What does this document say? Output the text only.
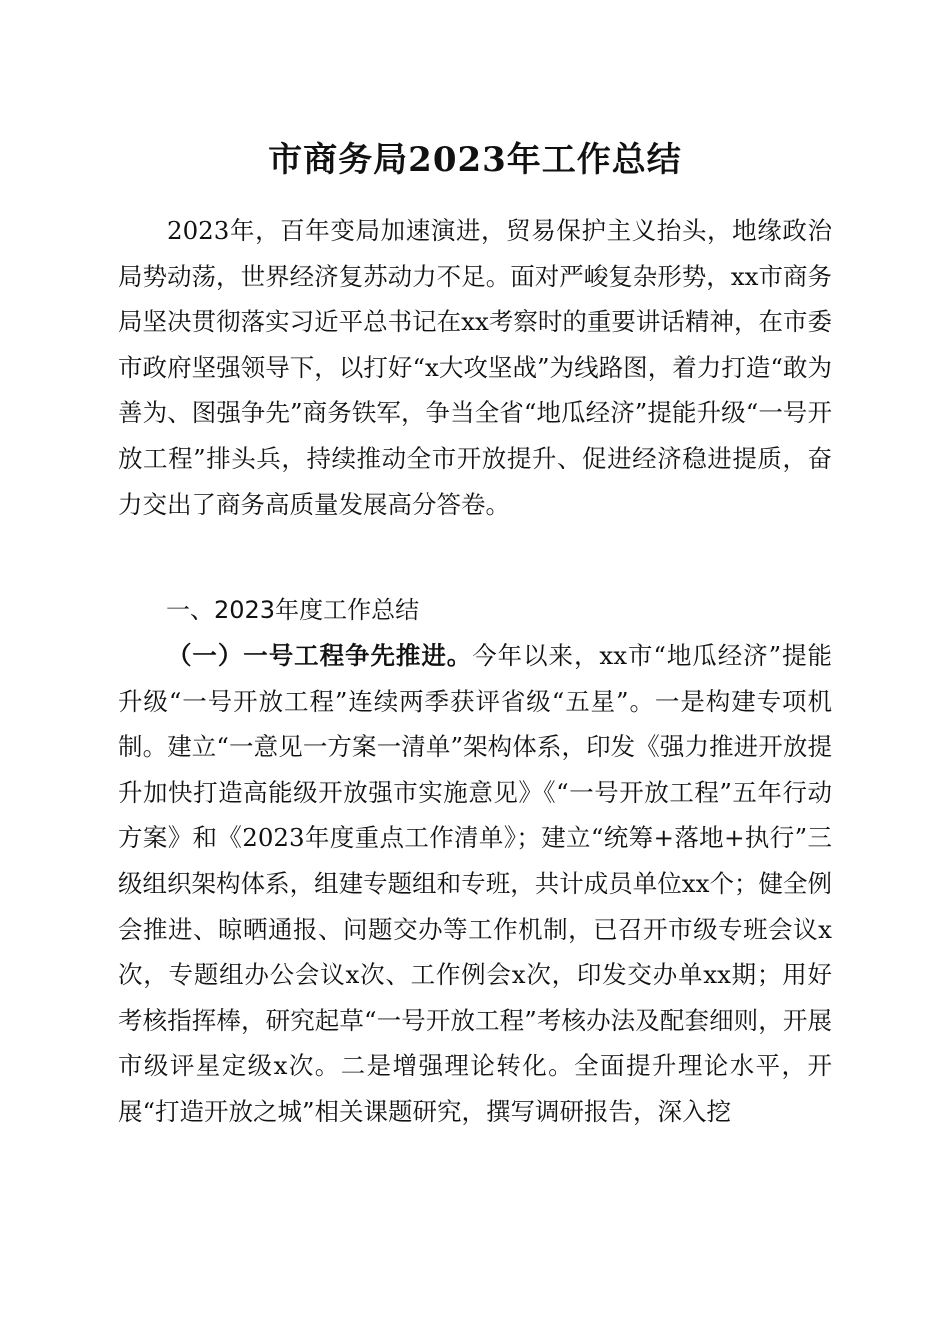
市商务局2023年工作总结

2023年，百年变局加速演进，贸易保护主义抬头，地缘政治局势动荡，世界经济复苏动力不足。面对严峻复杂形势，xx市商务局坚决贯彻落实习近平总书记在xx考察时的重要讲话精神，在市委市政府坚强领导下，以打好“x大攻坚战”为线路图，着力打造“敢为善为、图强争先”商务铁军，争当全省“地瓜经济”提能升级“一号开放工程”排头兵，持续推动全市开放提升、促进经济稳进提质，奋力交出了商务高质量发展高分答卷。

一、2023年度工作总结

（一）一号工程争先推进。今年以来，xx市“地瓜经济”提能升级“一号开放工程”连续两季获评省级“五星”。一是构建专项机制。建立“一意见一方案一清单”架构体系，印发《强力推进开放提升加快打造高能级开放强市实施意见》《“一号开放工程”五年行动方案》和《2023年度重点工作清单》；建立“统筹+落地+执行”三级组织架构体系，组建专题组和专班，共计成员单位xx个；健全例会推进、晾晒通报、问题交办等工作机制，已召开市级专班会议x次，专题组办公会议x次、工作例会x次，印发交办单xx期；用好考核指挥棒，研究起草“一号开放工程”考核办法及配套细则，开展市级评星定级x次。二是增强理论转化。全面提升理论水平，开展“打造开放之城”相关课题研究，撰写调研报告，深入挖
